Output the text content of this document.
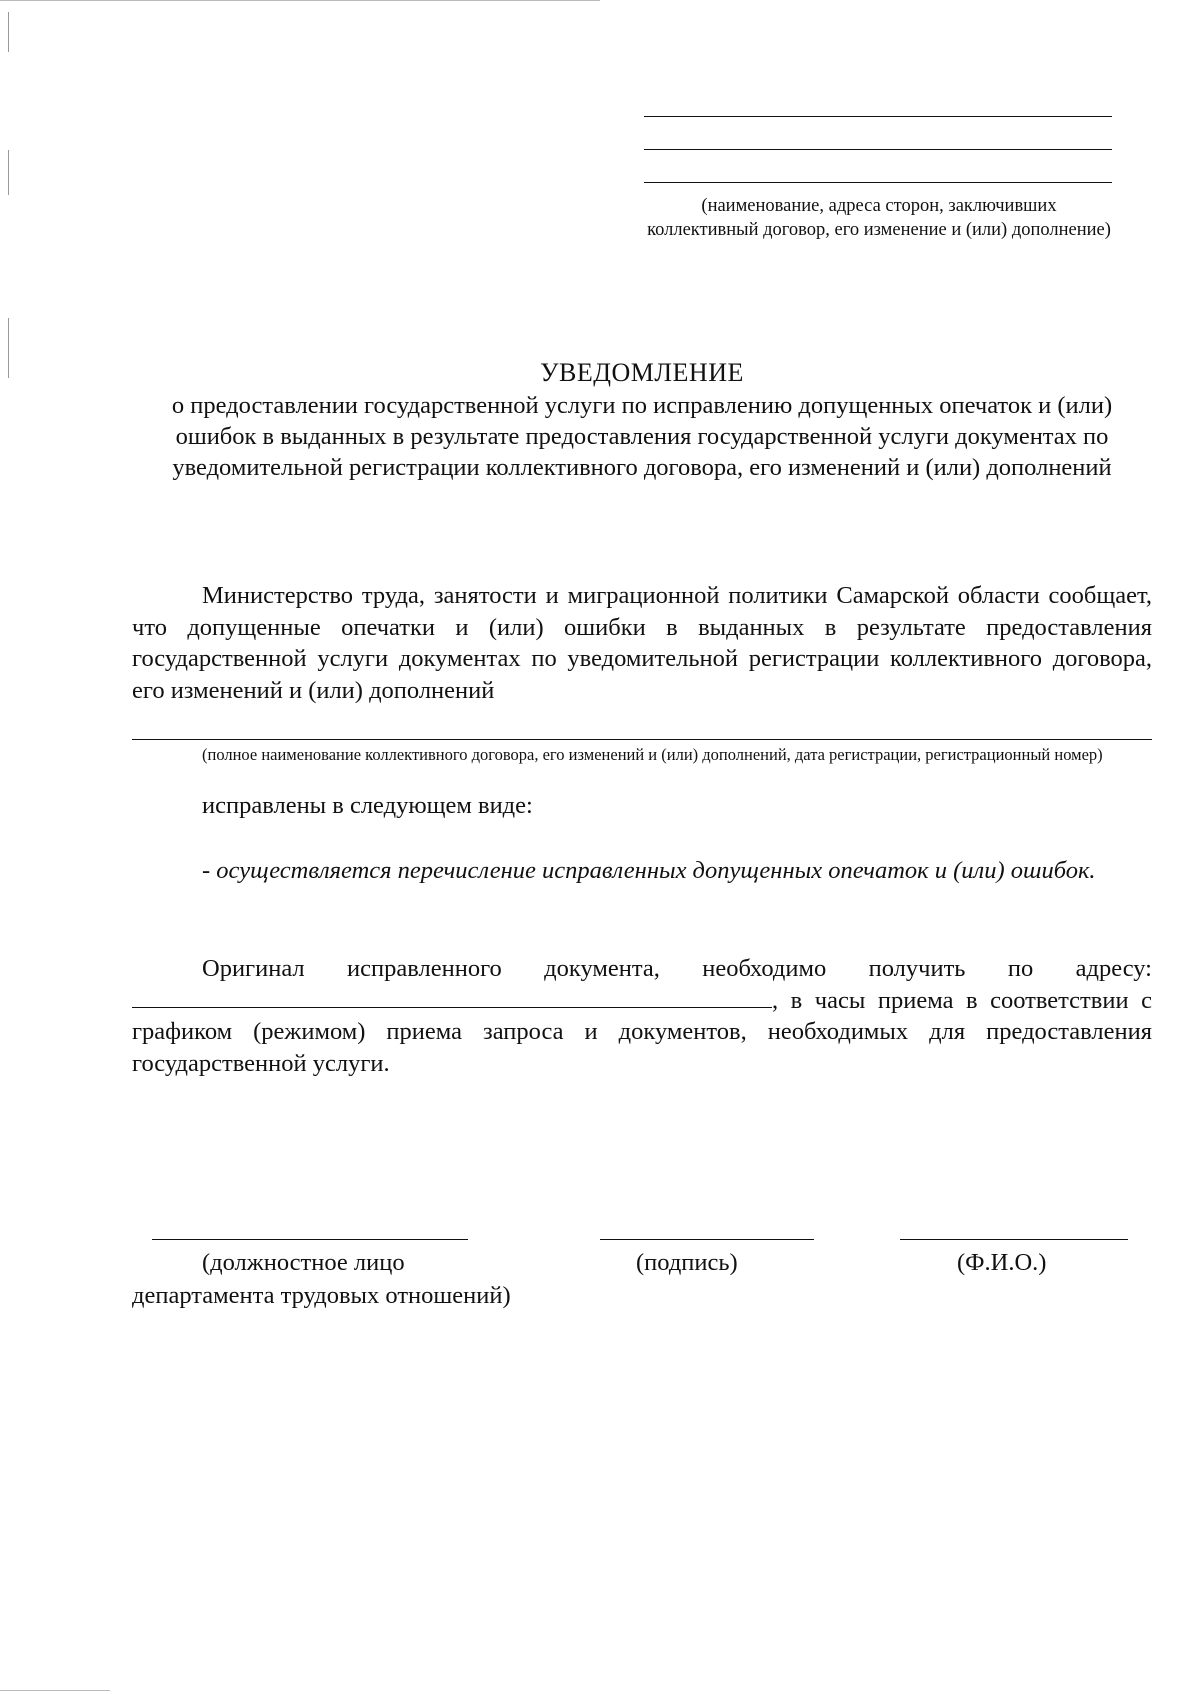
(наименование, адреса сторон, заключивших коллективный договор, его изменение и (или) дополнение)
УВЕДОМЛЕНИЕ
о предоставлении государственной услуги по исправлению допущенных опечаток и (или) ошибок в выданных в результате предоставления государственной услуги документах по уведомительной регистрации коллективного договора, его изменений и (или) дополнений
Министерство труда, занятости и миграционной политики Самарской области сообщает, что допущенные опечатки и (или) ошибки в выданных в результате предоставления государственной услуги документах по уведомительной регистрации коллективного договора, его изменений и (или) дополнений
(полное наименование коллективного договора, его изменений и (или) дополнений, дата регистрации, регистрационный номер)
исправлены в следующем виде:
- осуществляется перечисление исправленных допущенных опечаток и (или) ошибок.
Оригинал исправленного документа, необходимо получить по адресу: , в часы приема в соответствии с графиком (режимом) приема запроса и документов, необходимых для предоставления государственной услуги.
(должностное лицо
департамента трудовых отношений)
(подпись)	(Ф.И.О.)
